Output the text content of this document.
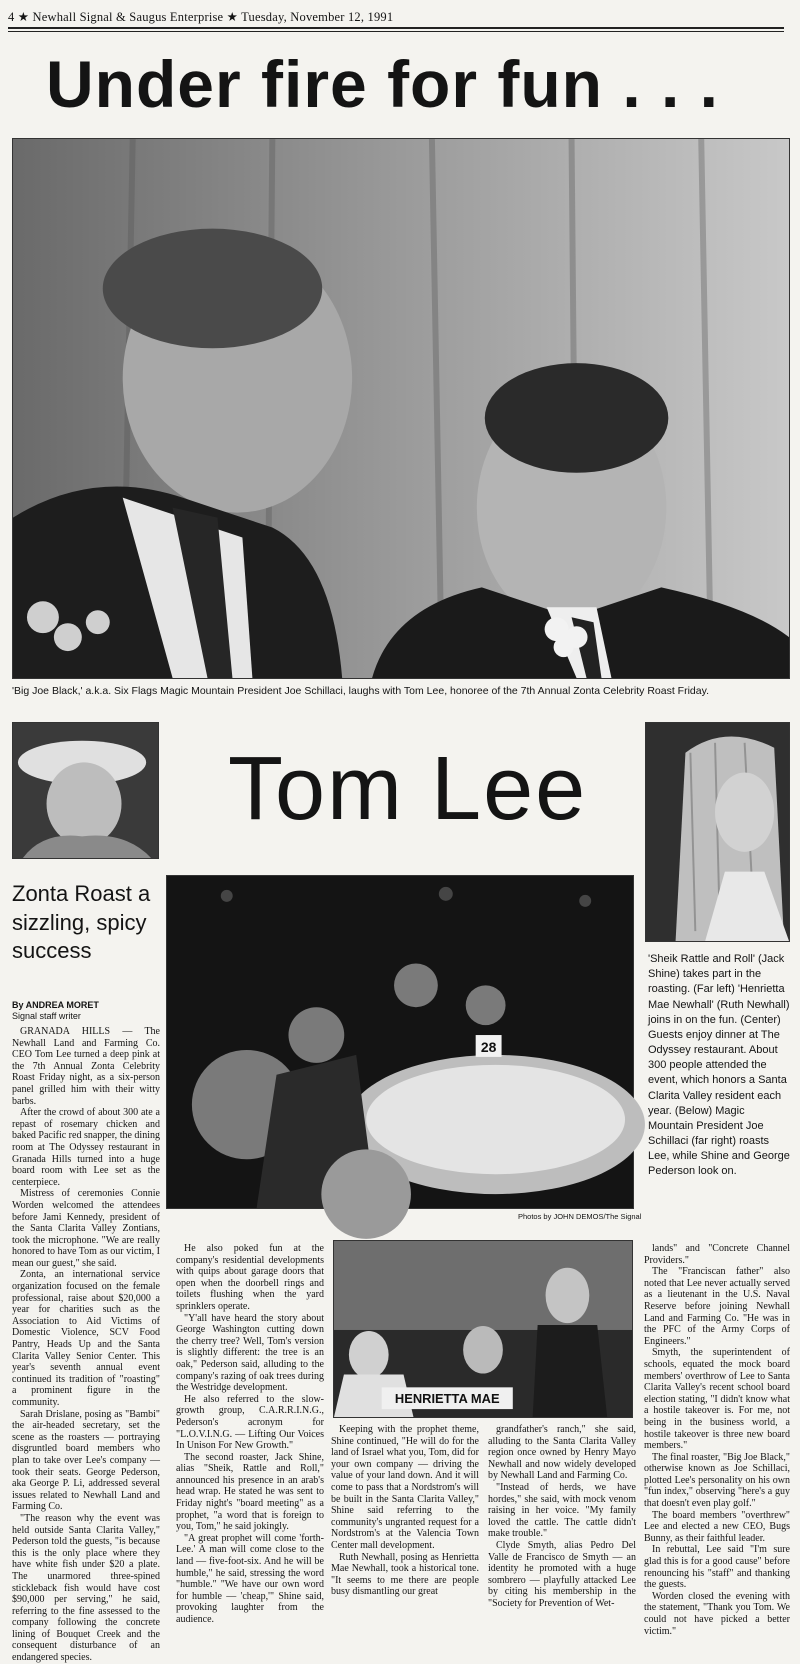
4 ★ Newhall Signal & Saugus Enterprise ★ Tuesday, November 12, 1991
Under fire for fun . . .
'Big Joe Black,' a.k.a. Six Flags Magic Mountain President Joe Schillaci, laughs with Tom Lee, honoree of the 7th Annual Zonta Celebrity Roast Friday.
Tom Lee
Zonta Roast a sizzling, spicy success
By ANDREA MORET
Signal staff writer
28
Photos by JOHN DEMOS/The Signal
'Sheik Rattle and Roll' (Jack Shine) takes part in the roasting. (Far left) 'Henrietta Mae Newhall' (Ruth Newhall) joins in on the fun. (Center) Guests enjoy dinner at The Odyssey restaurant. About 300 people attended the event, which honors a Santa Clarita Valley resident each year. (Below) Magic Mountain President Joe Schillaci (far right) roasts Lee, while Shine and George Pederson look on.
HENRIETTA MAE

GRANADA HILLS — The Newhall Land and Farming Co. CEO Tom Lee turned a deep pink at the 7th Annual Zonta Celebrity Roast Friday night, as a six-person panel grilled him with their witty barbs.

After the crowd of about 300 ate a repast of rosemary chicken and baked Pacific red snapper, the dining room at The Odyssey restaurant in Granada Hills turned into a huge board room with Lee set as the centerpiece.

Mistress of ceremonies Connie Worden welcomed the attendees before Jami Kennedy, president of the Santa Clarita Valley Zontians, took the microphone. "We are really honored to have Tom as our victim, I mean our guest," she said.

Zonta, an international service organization focused on the female professional, raise about $20,000 a year for charities such as the Association to Aid Victims of Domestic Violence, SCV Food Pantry, Heads Up and the Santa Clarita Valley Senior Center. This year's seventh annual event continued its tradition of "roasting" a prominent figure in the community.

Sarah Drislane, posing as "Bambi" the air-headed secretary, set the scene as the roasters — portraying disgruntled board members who plan to take over Lee's company — took their seats. George Pederson, aka George P. Li, addressed several issues related to Newhall Land and Farming Co.

"The reason why the event was held outside Santa Clarita Valley," Pederson told the guests, "is because this is the only place where they have white fish under $20 a plate. The unarmored three-spined stickleback fish would have cost $90,000 per serving," he said, referring to the fine assessed to the company following the concrete lining of Bouquet Creek and the consequent disturbance of an endangered species.

He also poked fun at the company's residential developments with quips about garage doors that open when the doorbell rings and toilets flushing when the yard sprinklers operate.

"Y'all have heard the story about George Washington cutting down the cherry tree? Well, Tom's version is slightly different: the tree is an oak," Pederson said, alluding to the company's razing of oak trees during the Westridge development.

He also referred to the slow-growth group, C.A.R.R.I.N.G., Pederson's acronym for "L.O.V.I.N.G. — Lifting Our Voices In Unison For New Growth."

The second roaster, Jack Shine, alias "Sheik, Rattle and Roll," announced his presence in an arab's head wrap. He stated he was sent to Friday night's "board meeting" as a prophet, "a word that is foreign to you, Tom," he said jokingly.

"A great prophet will come 'forth-Lee.' A man will come close to the land — five-foot-six. And he will be humble," he said, stressing the word "humble." "We have our own word for humble — 'cheap,'" Shine said, provoking laughter from the audience.

Keeping with the prophet theme, Shine continued, "He will do for the land of Israel what you, Tom, did for your own company — driving the value of your land down. And it will come to pass that a Nordstrom's will be built in the Santa Clarita Valley," Shine said referring to the community's ungranted request for a Nordstrom's at the Valencia Town Center mall development.

Ruth Newhall, posing as Henrietta Mae Newhall, took a historical tone. "It seems to me there are people busy dismantling our great

grandfather's ranch," she said, alluding to the Santa Clarita Valley region once owned by Henry Mayo Newhall and now widely developed by Newhall Land and Farming Co.

"Instead of herds, we have hordes," she said, with mock venom raising in her voice. "My family loved the cattle. The cattle didn't make trouble."

Clyde Smyth, alias Pedro Del Valle de Francisco de Smyth — an identity he promoted with a huge sombrero — playfully attacked Lee by citing his membership in the "Society for Prevention of Wet-

lands" and "Concrete Channel Providers."

The "Franciscan father" also noted that Lee never actually served as a lieutenant in the U.S. Naval Reserve before joining Newhall Land and Farming Co. "He was in the PFC of the Army Corps of Engineers."

Smyth, the superintendent of schools, equated the mock board members' overthrow of Lee to Santa Clarita Valley's recent school board election stating, "I didn't know what a hostile takeover is. For me, not being in the business world, a hostile takeover is three new board members."

The final roaster, "Big Joe Black," otherwise known as Joe Schillaci, plotted Lee's personality on his own "fun index," observing "here's a guy that doesn't even play golf."

The board members "overthrew" Lee and elected a new CEO, Bugs Bunny, as their faithful leader.

In rebuttal, Lee said "I'm sure glad this is for a good cause" before renouncing his "staff" and thanking the guests.

Worden closed the evening with the statement, "Thank you Tom. We could not have picked a better victim."
